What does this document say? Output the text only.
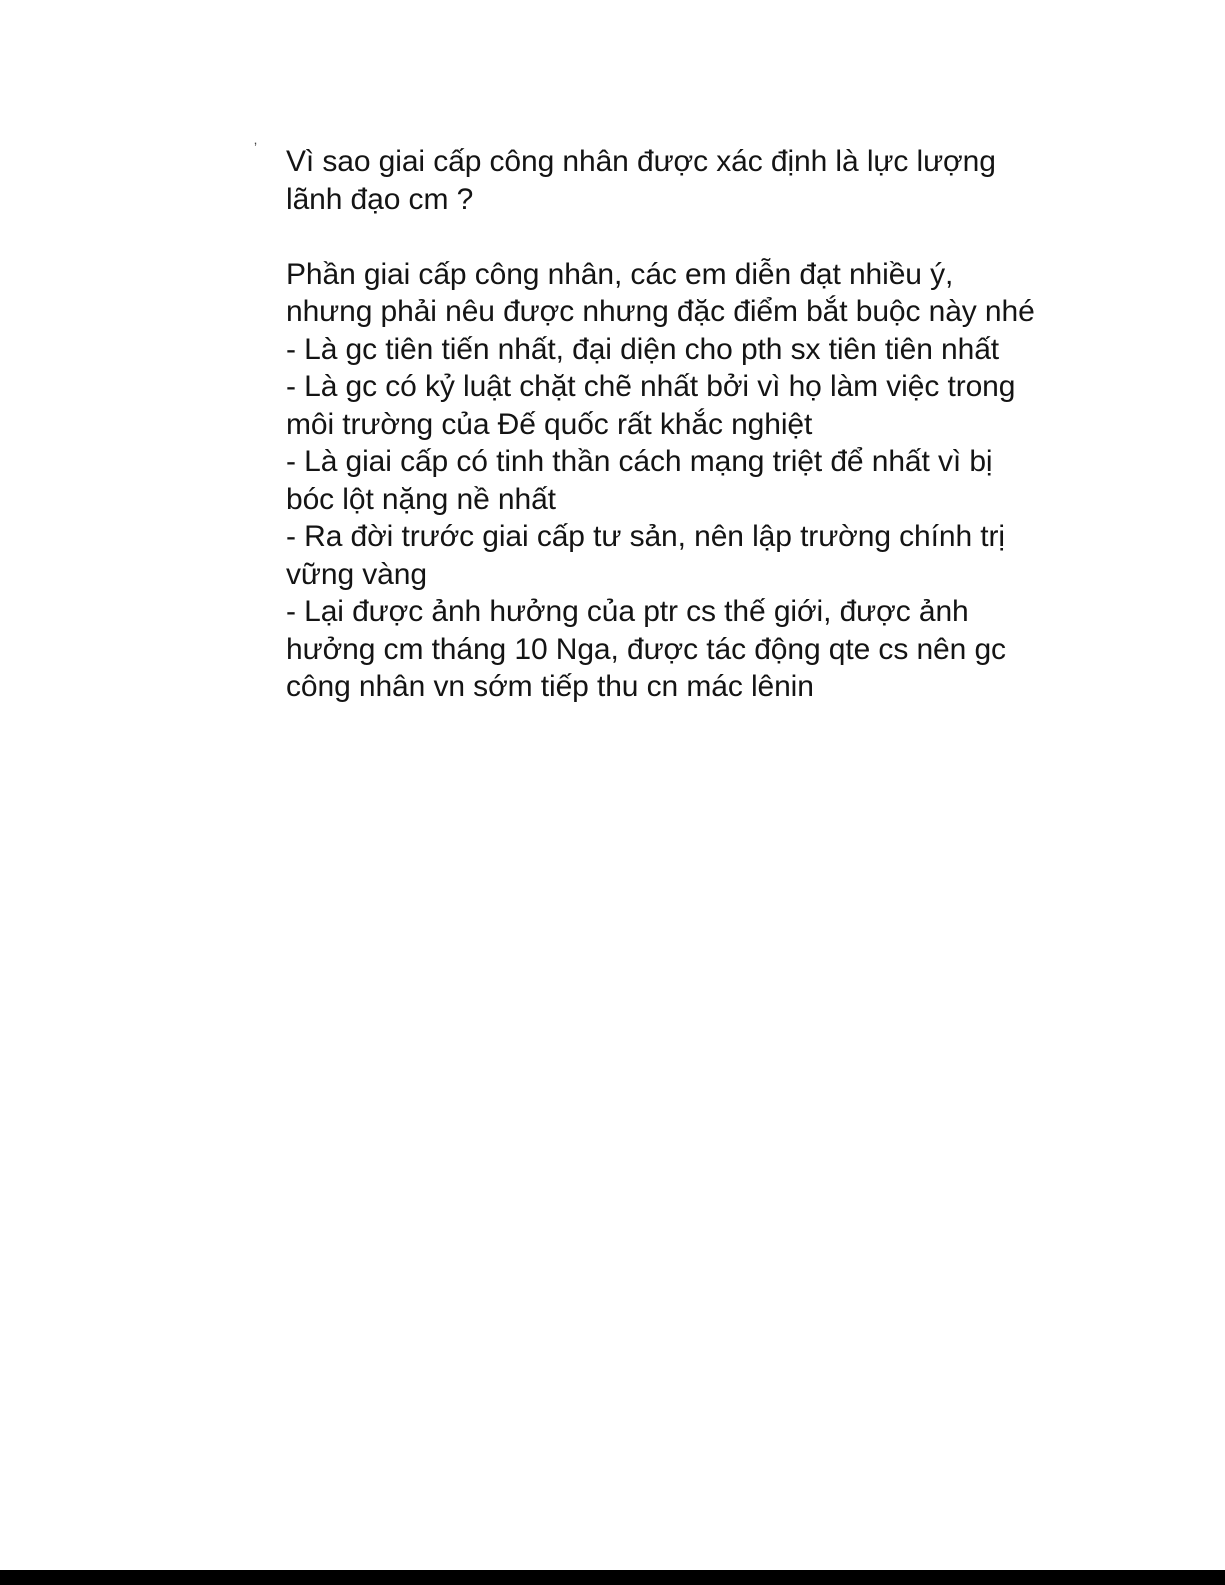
ʼ Vì sao giai cấp công nhân được xác định là lực lượng lãnh đạo cm ?

Phần giai cấp công nhân, các em diễn đạt nhiều ý, nhưng phải nêu được nhưng đặc điểm bắt buộc này nhé

- Là gc tiên tiến nhất, đại diện cho pth sx tiên tiên nhất

- Là gc có kỷ luật chặt chẽ nhất bởi vì họ làm việc trong môi trường của Đế quốc rất khắc nghiệt

- Là giai cấp có tinh thần cách mạng triệt để nhất vì bị bóc lột nặng nề nhất

- Ra đời trước giai cấp tư sản, nên lập trường chính trị vững vàng

- Lại được ảnh hưởng của ptr cs thế giới, được ảnh hưởng cm tháng 10 Nga, được tác động qte cs nên gc công nhân vn sớm tiếp thu cn mác lênin
